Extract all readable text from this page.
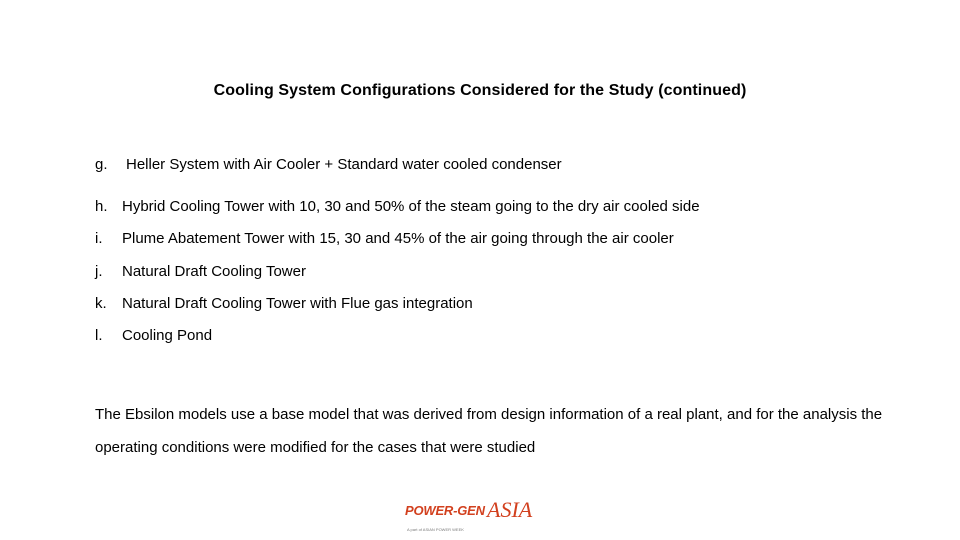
Cooling System Configurations Considered for the Study (continued)
g. Heller System with Air Cooler + Standard water cooled condenser
h. Hybrid Cooling Tower with 10, 30 and 50% of the steam going to the dry air cooled side
i. Plume Abatement Tower with 15, 30 and 45% of the air going through the air cooler
j. Natural Draft Cooling Tower
k. Natural Draft Cooling Tower with Flue gas integration
l. Cooling Pond
The Ebsilon models use a base model that was derived from design information of a real plant, and for the analysis the operating conditions were modified for the cases that were studied
POWER-GEN ASIA
A part of ASIAN POWER WEEK
